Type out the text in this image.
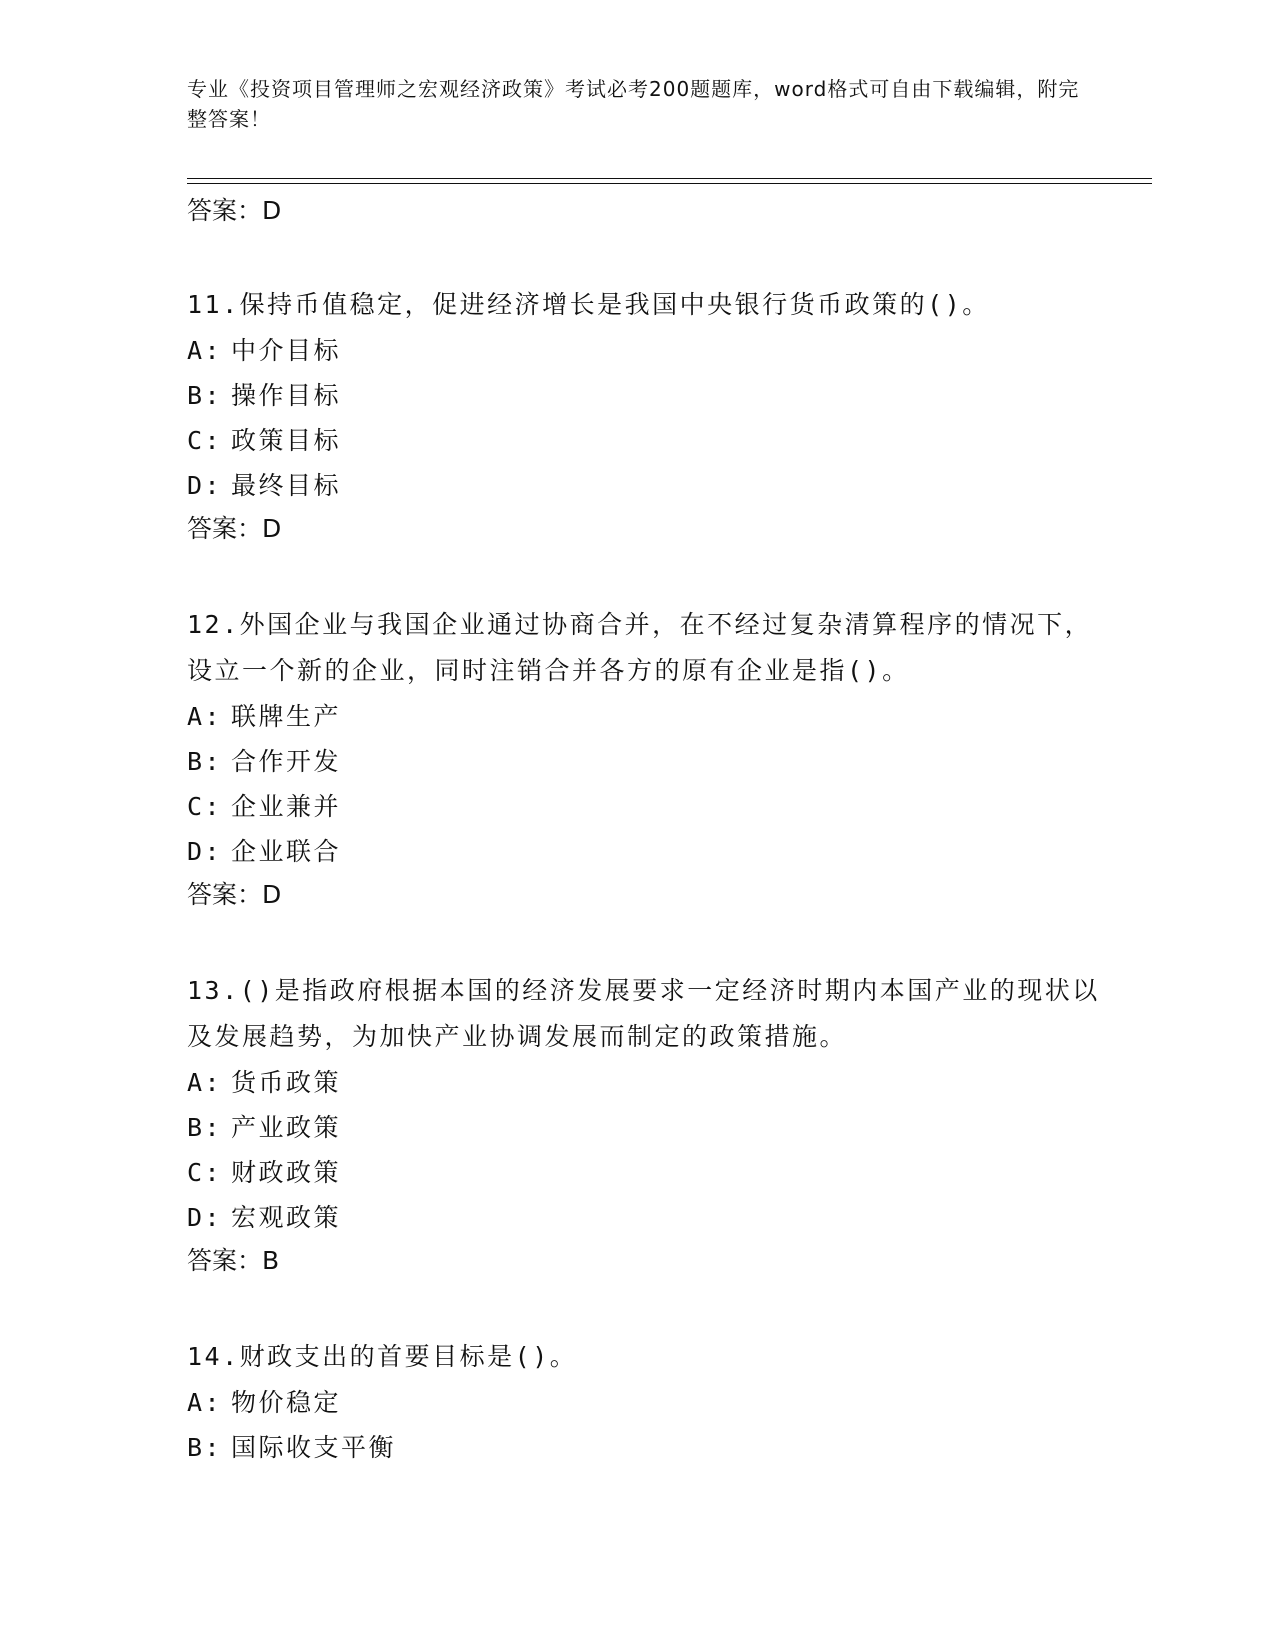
专业《投资项目管理师之宏观经济政策》考试必考200题题库，word格式可自由下载编辑，附完整答案！
答案：D
11.保持币值稳定，促进经济增长是我国中央银行货币政策的()。
A: 中介目标
B: 操作目标
C: 政策目标
D: 最终目标
答案：D
12.外国企业与我国企业通过协商合并，在不经过复杂清算程序的情况下，设立一个新的企业，同时注销合并各方的原有企业是指()。
A: 联牌生产
B: 合作开发
C: 企业兼并
D: 企业联合
答案：D
13.()是指政府根据本国的经济发展要求一定经济时期内本国产业的现状以及发展趋势，为加快产业协调发展而制定的政策措施。
A: 货币政策
B: 产业政策
C: 财政政策
D: 宏观政策
答案：B
14.财政支出的首要目标是()。
A: 物价稳定
B: 国际收支平衡
